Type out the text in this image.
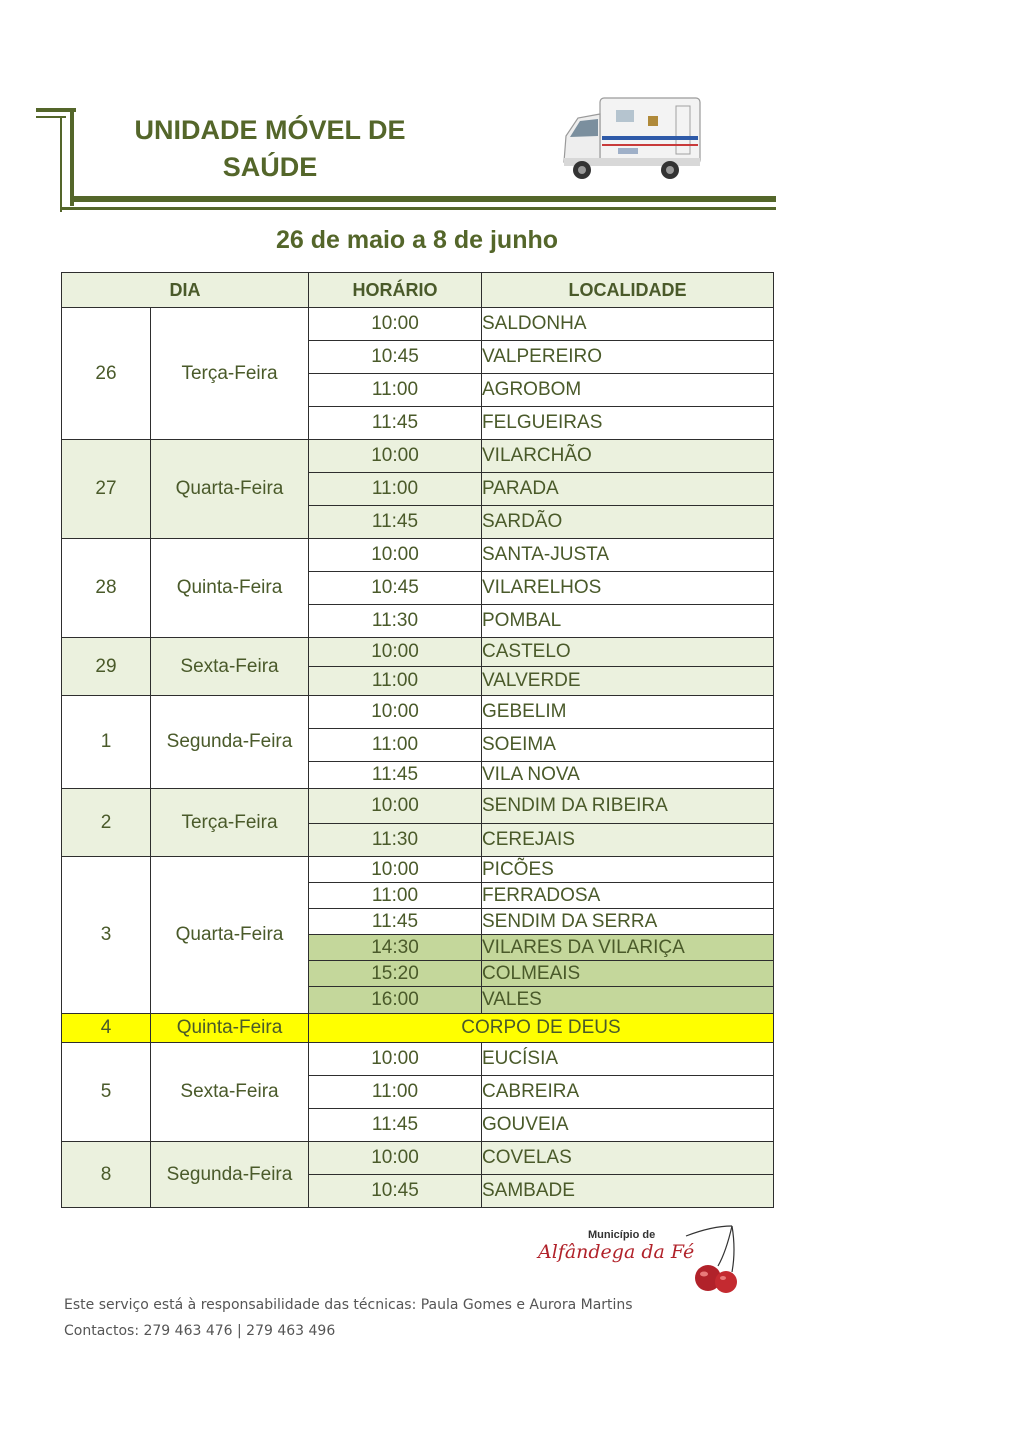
UNIDADE MÓVEL DE
SAÚDE
26 de maio a 8 de junho
DIA		HORÁRIO	LOCALIDADE
26	Terça-Feira	10:00	SALDONHA
		10:45	VALPEREIRO
		11:00	AGROBOM
		11:45	FELGUEIRAS
27	Quarta-Feira	10:00	VILARCHÃO
		11:00	PARADA
		11:45	SARDÃO
28	Quinta-Feira	10:00	SANTA-JUSTA
		10:45	VILARELHOS
		11:30	POMBAL
29	Sexta-Feira	10:00	CASTELO
		11:00	VALVERDE
1	Segunda-Feira	10:00	GEBELIM
		11:00	SOEIMA
		11:45	VILA NOVA
2	Terça-Feira	10:00	SENDIM DA RIBEIRA
		11:30	CEREJAIS
3	Quarta-Feira	10:00	PICÕES
		11:00	FERRADOSA
		11:45	SENDIM DA SERRA
		14:30	VILARES DA VILARIÇA
		15:20	COLMEAIS
		16:00	VALES
4	Quinta-Feira	CORPO DE DEUS	
5	Sexta-Feira	10:00	EUCÍSIA
		11:00	CABREIRA
		11:45	GOUVEIA
8	Segunda-Feira	10:00	COVELAS
		10:45	SAMBADE
Município de
Alfândega da Fé
Este serviço está à responsabilidade das técnicas: Paula Gomes e Aurora Martins
Contactos: 279 463 476 | 279 463 496
